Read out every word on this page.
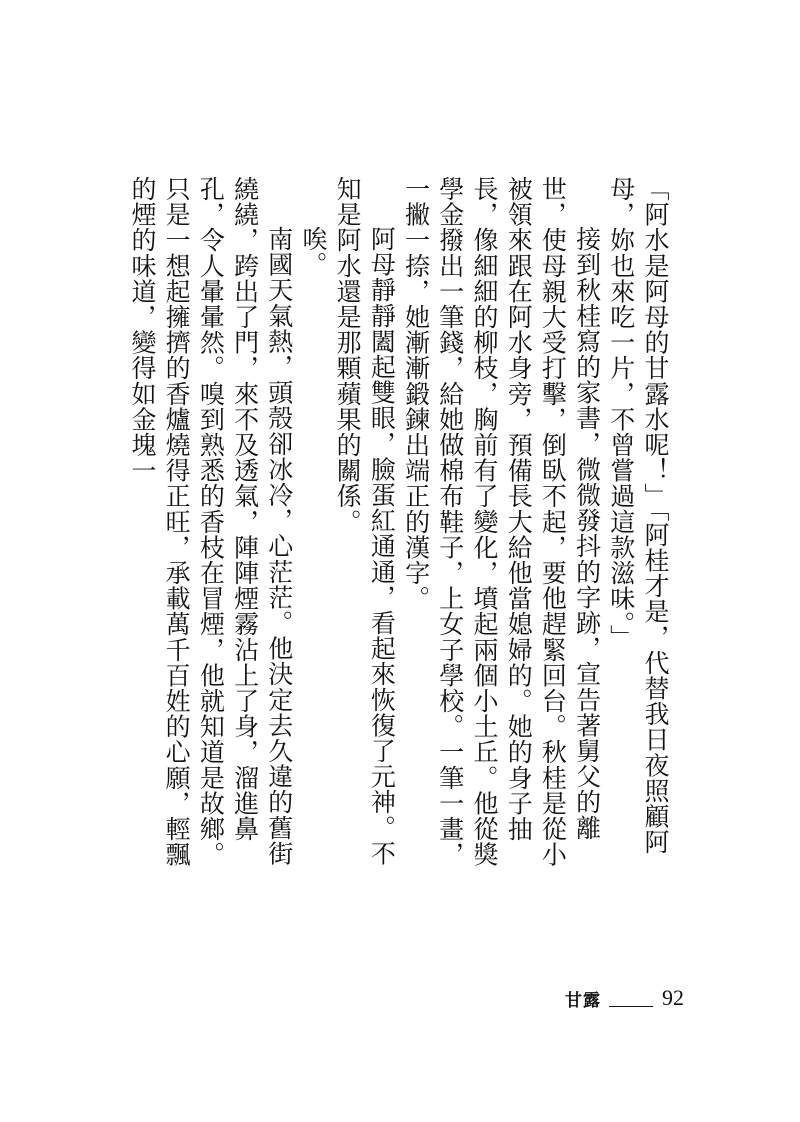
「阿水是阿母的甘露水呢！」「阿桂才是，代替我日夜照顧阿母，妳也來吃一片，不曾嘗過這款滋味。」

接到秋桂寫的家書，微微發抖的字跡，宣告著舅父的離世，使母親大受打擊，倒臥不起，要他趕緊回台。秋桂是從小被領來跟在阿水身旁，預備長大給他當媳婦的。她的身子抽長，像細細的柳枝，胸前有了變化，墳起兩個小土丘。他從獎學金撥出一筆錢，給她做棉布鞋子，上女子學校。一筆一畫，一撇一捺，她漸漸鍛鍊出端正的漢字。

阿母靜靜闔起雙眼，臉蛋紅通通，看起來恢復了元神。不知是阿水還是那顆蘋果的關係。

唉。

南國天氣熱，頭殼卻冰冷，心茫茫。他決定去久違的舊街繞繞，跨出了門，來不及透氣，陣陣煙霧沾上了身，溜進鼻孔，令人暈暈然。嗅到熟悉的香枝在冒煙，他就知道是故鄉。只是一想起擁擠的香爐燒得正旺，承載萬千百姓的心願，輕飄的煙的味道，變得如金塊一

甘露	92
